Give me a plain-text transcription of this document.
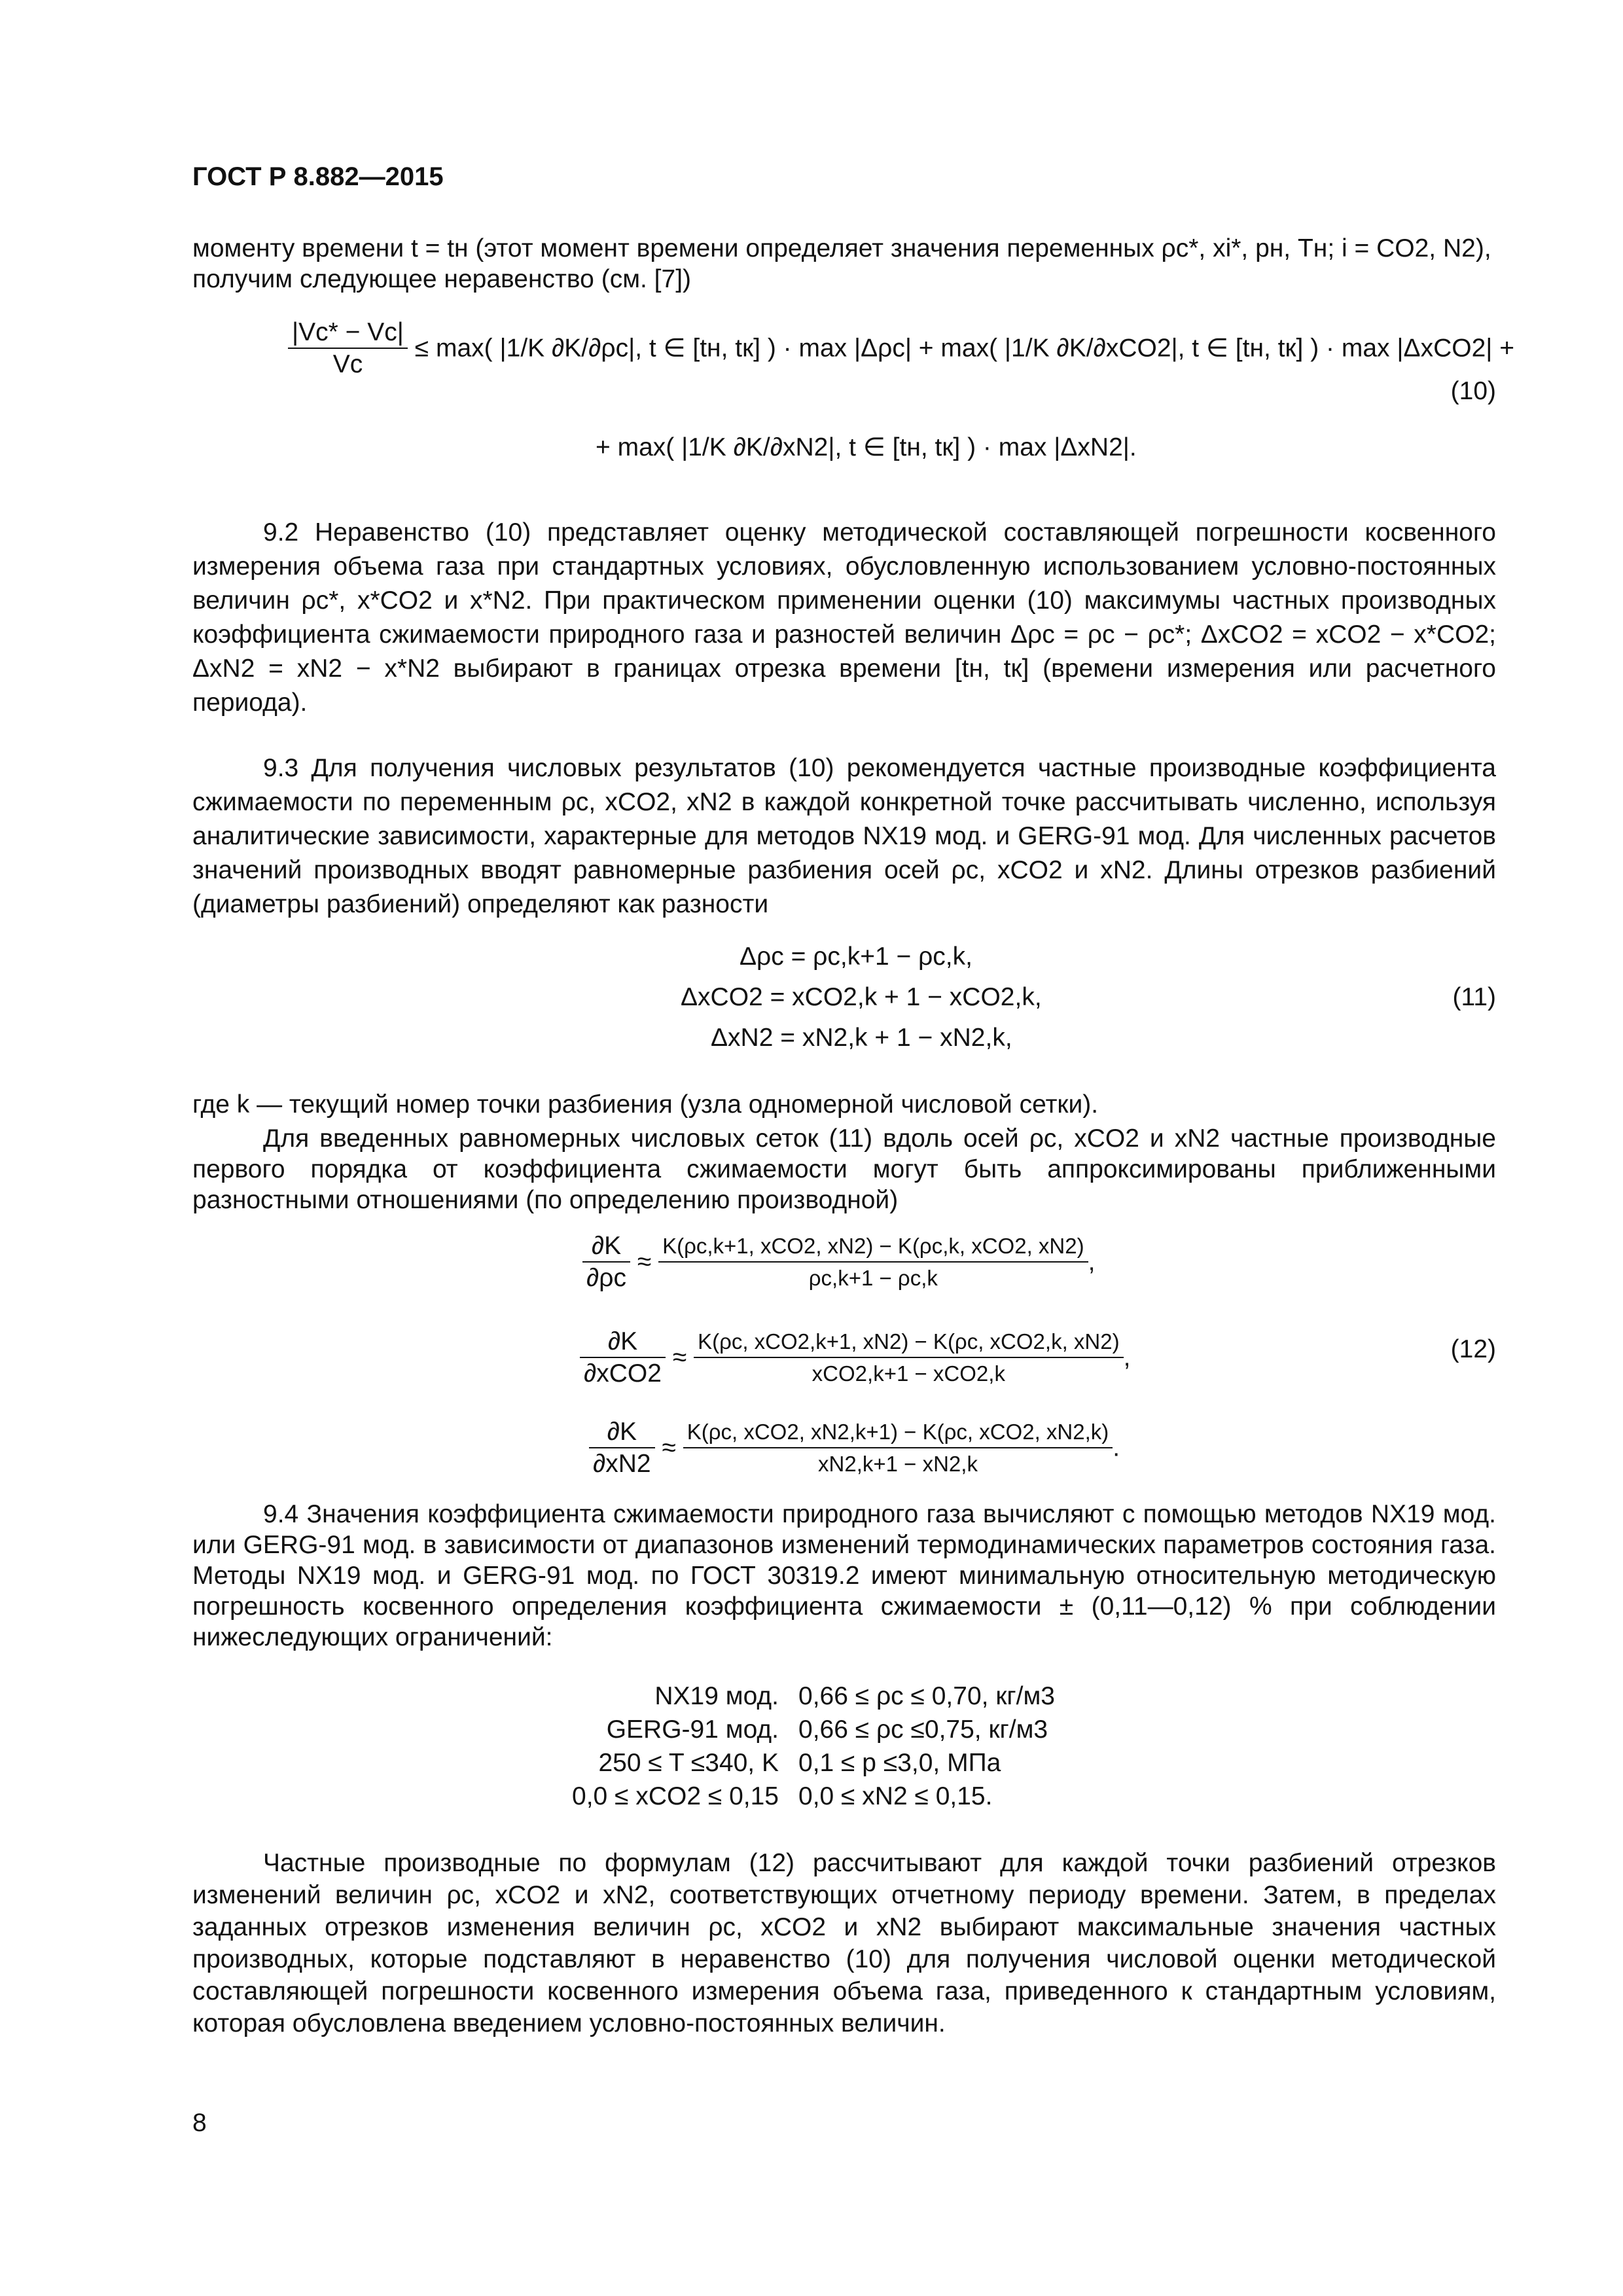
ГОСТ Р 8.882—2015

моменту времени t = tн (этот момент времени определяет значения переменных ρc*, xi*, pн, Tн; i = CO2, N2),

получим следующее неравенство (см. [7])

$\frac{|Vс* - Vс|}{Vс} \le \max$( |1/K ∂K/∂ρс|, t ∈ [tн, tк] ) · max |Δρс| + max( |1/K ∂K/∂xCO2|, t ∈ [tн, tк] ) · max |ΔxCO2| +
+ max( |1/K ∂K/∂xN2|, t ∈ [tн, tк] ) · max |ΔxN2|.
(10)

9.2 Неравенство (10) представляет оценку методической составляющей погрешности косвенного измерения объема газа при стандартных условиях, обусловленную использованием условно-постоянных величин ρс*, x*CO2 и x*N2. При практическом применении оценки (10) максимумы частных производных коэффициента сжимаемости природного газа и разностей величин Δρс = ρс − ρс*; ΔxCO2 = xCO2 − x*CO2; ΔxN2 = xN2 − x*N2 выбирают в границах отрезка времени [tн, tк] (времени измерения или расчетного периода).

9.3 Для получения числовых результатов (10) рекомендуется частные производные коэффициента сжимаемости по переменным ρс, xCO2, xN2 в каждой конкретной точке рассчитывать численно, используя аналитические зависимости, характерные для методов NX19 мод. и GERG-91 мод. Для численных расчетов значений производных вводят равномерные разбиения осей ρс, xCO2 и xN2. Длины отрезков разбиений (диаметры разбиений) определяют как разности

Δρс = ρс,k+1 − ρс,k,
ΔxCO2 = xCO2,k + 1 − xCO2,k,
ΔxN2 = xN2,k + 1 − xN2,k,
(11)

где k — текущий номер точки разбиения (узла одномерной числовой сетки).

Для введенных равномерных числовых сеток (11) вдоль осей ρс, xCO2 и xN2 частные производные первого порядка от коэффициента сжимаемости могут быть аппроксимированы приближенными разностными отношениями (по определению производной)

$\frac{\partial K}{\partial\rho с} \approx \frac{\text{K(ρс,k+1, xCO2, xN2) − K(ρс,k, xCO2, xN2)}}{\rho с,k+1 - \rho с,k}$ ,
$\frac{\partial K}{\text{∂xCO2}} \approx \frac{\text{K(ρс, xCO2,k+1, xN2) − K(ρс, xCO2,k, xN2)}}{\text{xCO2,k+1 − xCO2,k}}$ ,
$\frac{\partial K}{\partial xN2} \approx \frac{\text{K(ρс, xCO2, xN2,k+1) − K(ρс, xCO2, xN2,k)}}{xN2,k+1 - xN2,k}$ .
(12)

9.4 Значения коэффициента сжимаемости природного газа вычисляют с помощью методов NX19 мод. или GERG-91 мод. в зависимости от диапазонов изменений термодинамических параметров состояния газа. Методы NX19 мод. и GERG-91 мод. по ГОСТ 30319.2 имеют минимальную относительную методическую погрешность косвенного определения коэффициента сжимаемости ± (0,11—0,12) % при соблюдении нижеследующих ограничений:

NX19 мод. 0,66 ≤ ρс ≤ 0,70, кг/м3
GERG-91 мод. 0,66 ≤ ρс ≤0,75, кг/м3
250 ≤ T ≤340, K 0,1 ≤ p ≤3,0, МПа
0,0 ≤ xCO2 ≤ 0,15 0,0 ≤ xN2 ≤ 0,15.

Частные производные по формулам (12) рассчитывают для каждой точки разбиений отрезков изменений величин ρс, xCO2 и xN2, соответствующих отчетному периоду времени. Затем, в пределах заданных отрезков изменения величин ρс, xCO2 и xN2 выбирают максимальные значения частных производных, которые подставляют в неравенство (10) для получения числовой оценки методической составляющей погрешности косвенного измерения объема газа, приведенного к стандартным условиям, которая обусловлена введением условно-постоянных величин.

8
